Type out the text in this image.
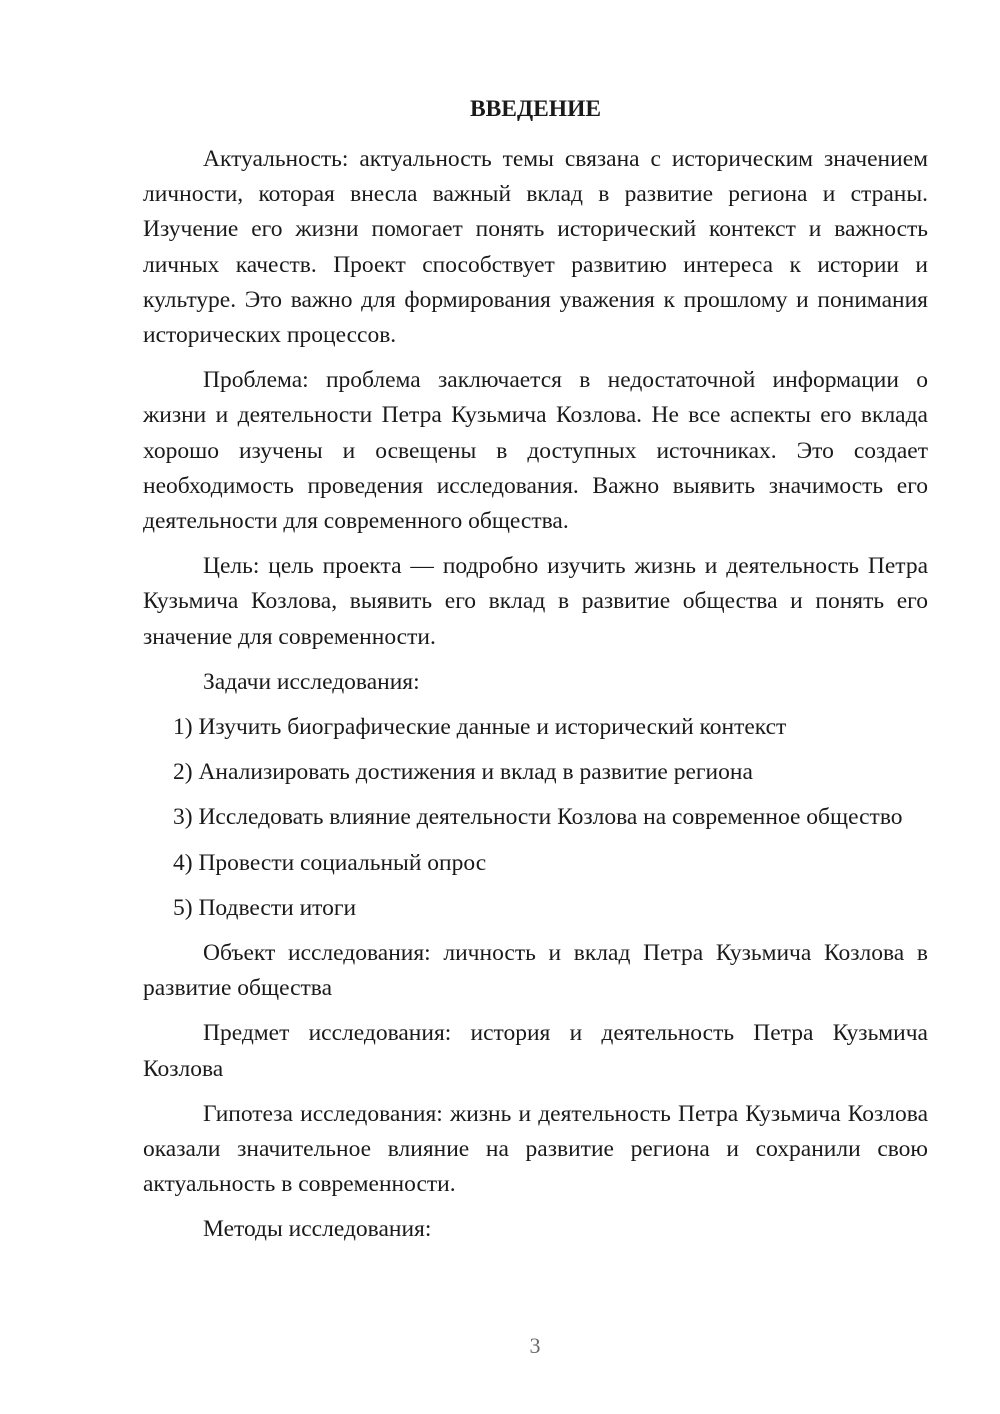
ВВЕДЕНИЕ

Актуальность: актуальность темы связана с историческим значением личности, которая внесла важный вклад в развитие региона и страны. Изучение его жизни помогает понять исторический контекст и важность личных качеств. Проект способствует развитию интереса к истории и культуре. Это важно для формирования уважения к прошлому и понимания исторических процессов.

Проблема: проблема заключается в недостаточной информации о жизни и деятельности Петра Кузьмича Козлова. Не все аспекты его вклада хорошо изучены и освещены в доступных источниках. Это создает необходимость проведения исследования. Важно выявить значимость его деятельности для современного общества.

Цель: цель проекта — подробно изучить жизнь и деятельность Петра Кузьмича Козлова, выявить его вклад в развитие общества и понять его значение для современности.

Задачи исследования:

1) Изучить биографические данные и исторический контекст

2) Анализировать достижения и вклад в развитие региона

3) Исследовать влияние деятельности Козлова на современное общество

4) Провести социальный опрос

5) Подвести итоги

Объект исследования: личность и вклад Петра Кузьмича Козлова в развитие общества

Предмет исследования: история и деятельность Петра Кузьмича Козлова

Гипотеза исследования: жизнь и деятельность Петра Кузьмича Козлова оказали значительное влияние на развитие региона и сохранили свою актуальность в современности.

Методы исследования:

3
